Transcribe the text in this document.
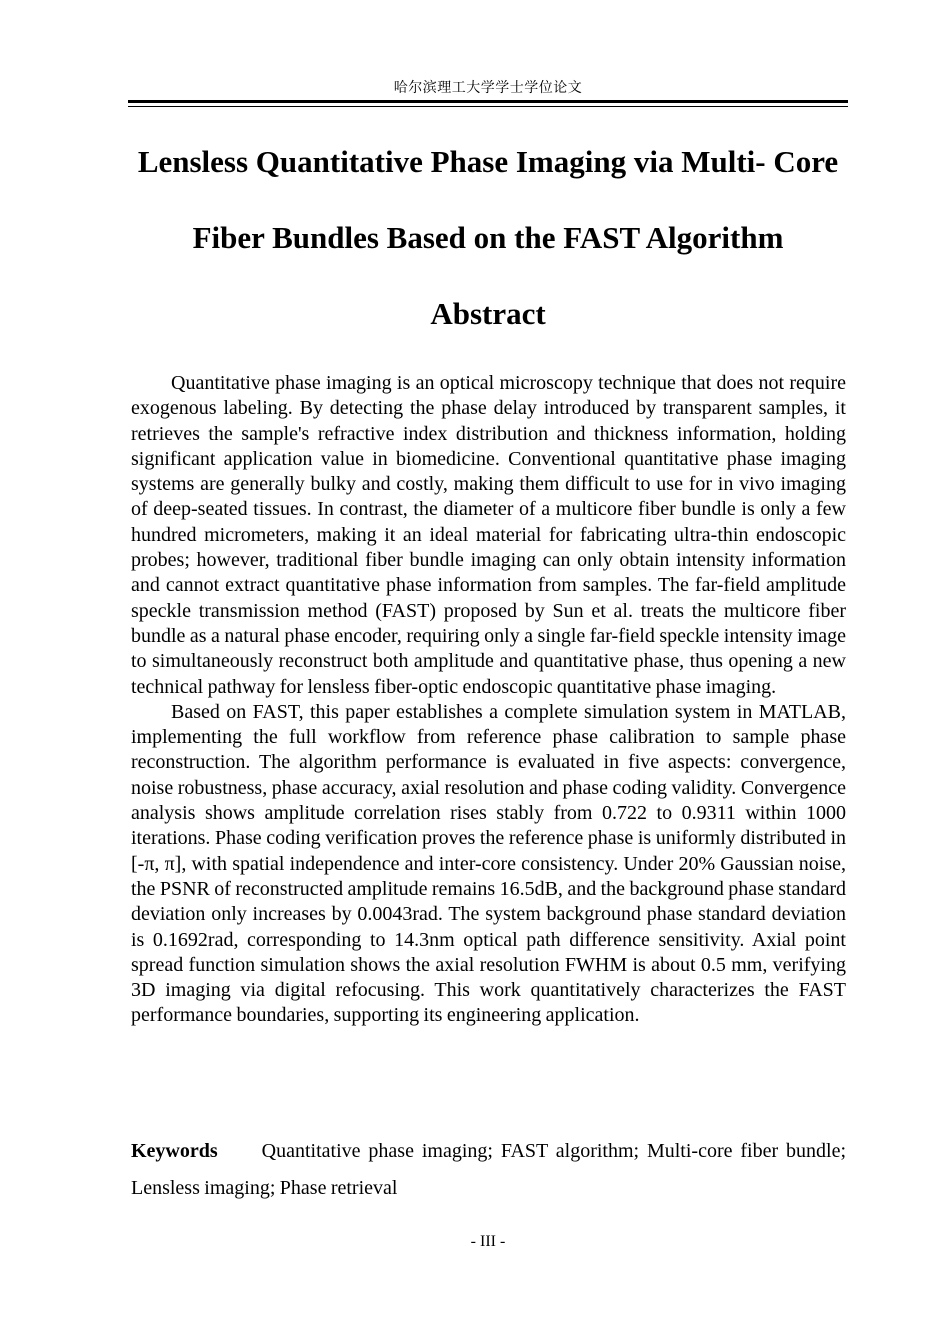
哈尔滨理工大学学士学位论文
Lensless Quantitative Phase Imaging via Multi- Core Fiber Bundles Based on the FAST Algorithm
Abstract

Quantitative phase imaging is an optical microscopy technique that does not require exogenous labeling. By detecting the phase delay introduced by transparent samples, it retrieves the sample's refractive index distribution and thickness information, holding significant application value in biomedicine. Conventional quantitative phase imaging systems are generally bulky and costly, making them difficult to use for in vivo imaging of deep-seated tissues. In contrast, the diameter of a multicore fiber bundle is only a few hundred micrometers, making it an ideal material for fabricating ultra-thin endoscopic probes; however, traditional fiber bundle imaging can only obtain intensity information and cannot extract quantitative phase information from samples. The far-field amplitude speckle transmission method (FAST) proposed by Sun et al. treats the multicore fiber bundle as a natural phase encoder, requiring only a single far-field speckle intensity image to simultaneously reconstruct both amplitude and quantitative phase, thus opening a new technical pathway for lensless fiber-optic endoscopic quantitative phase imaging.

Based on FAST, this paper establishes a complete simulation system in MATLAB, implementing the full workflow from reference phase calibration to sample phase reconstruction. The algorithm performance is evaluated in five aspects: convergence, noise robustness, phase accuracy, axial resolution and phase coding validity. Convergence analysis shows amplitude correlation rises stably from 0.722 to 0.9311 within 1000 iterations. Phase coding verification proves the reference phase is uniformly distributed in [-π, π], with spatial independence and inter-core consistency. Under 20% Gaussian noise, the PSNR of reconstructed amplitude remains 16.5dB, and the background phase standard deviation only increases by 0.0043rad. The system background phase standard deviation is 0.1692rad, corresponding to 14.3nm optical path difference sensitivity. Axial point spread function simulation shows the axial resolution FWHM is about 0.5 mm, verifying 3D imaging via digital refocusing. This work quantitatively characterizes the FAST performance boundaries, supporting its engineering application.

Keywords Quantitative phase imaging; FAST algorithm; Multi-core fiber bundle; Lensless imaging; Phase retrieval

- III -
